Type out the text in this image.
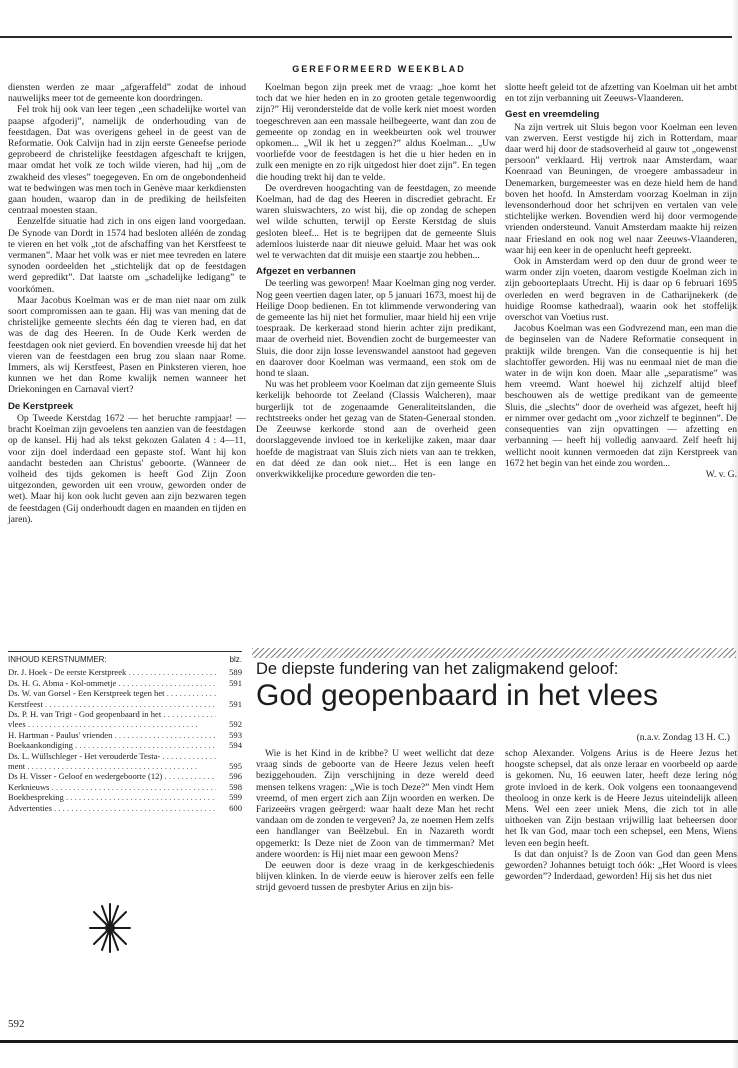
GEREFORMEERD WEEKBLAD

dienstеn werden ze maar „afgeraffeld” zodat de inhoud nauwelijks meer tot de gemeente kon doordringen.

Fel trok hij ook van leer tegen „een schadelijke wortel van paapse afgoderij”, namelijk de onderhouding van de feestdagen. Dat was overigens geheel in de geest van de Reformatie. Ook Calvijn had in zijn eerste Geneefse periode geprobeerd de christelijke feestdagen afgeschaft te krijgen, maar omdat het volk ze toch wilde vieren, had hij „om de zwakheid des vleses” toegegeven. En om de ongebondenheid wat te bedwingen was men toch in Genève maar kerkdiensten gaan houden, waarop dan in de prediking de heilsfeiten centraal moesten staan.

Eenzelfde situatie had zich in ons eigen land voorgedaan. De Synode van Dordt in 1574 had besloten alléén de zondag te vieren en het volk „tot de afschaffing van het Kerstfeest te vermanen”. Maar het volk was er niet mee tevreden en latere synoden oordeelden het „stichtelijk dat op de feestdagen werd gepredikt”. Dat laatste om „schadelijke ledigang” te voorkómen.

Maar Jacobus Koelman was er de man niet naar om zulk soort compromissen aan te gaan. Hij was van mening dat de christelijke gemeente slechts één dag te vieren had, en dat was de dag des Heeren. In de Oude Kerk werden de feestdagen ook niet gevierd. En bovendien vreesde hij dat het vieren van de feestdagen een brug zou slaan naar Rome. Immers, als wij Kerstfeest, Pasen en Pinksteren vieren, hoe kunnen we het dan Rome kwalijk nemen wanneer het Driekoningen en Carnaval viert?

De Kerstpreek

Op Tweede Kerstdag 1672 — het beruchte rampjaar! — bracht Koelman zijn gevoelens ten aanzien van de feestdagen op de kansel. Hij had als tekst gekozen Galaten 4 : 4—11, voor zijn doel inderdaad een gepaste stof. Want hij kon aandacht besteden aan Christus' geboorte. (Wanneer de volheid des tijds gekomen is heeft God Zijn Zoon uitgezonden, geworden uit een vrouw, geworden onder de wet). Maar hij kon ook lucht geven aan zijn bezwaren tegen de feestdagen (Gij onderhoudt dagen en maanden en tijden en jaren).

Koelman begon zijn preek met de vraag: „hoe komt het toch dat we hier heden en in zo grooten getale tegenwoordig zijn?” Hij veronderstelde dat de volle kerk niet moest worden toegeschreven aan een massale heilbegeerte, want dan zou de gemeente op zondag en in weekbeurten ook wel trouwer opkomen... „Wil ik het u zeggen?” aldus Koelman... „Uw voorliefde voor de feestdagen is het die u hier heden en in zulk een menigte en zo rijk uitgedost hier doet zijn”. En tegen die houding trekt hij dan te velde.

De overdreven hoogachting van de feestdagen, zo meende Koelman, had de dag des Heeren in discrediet gebracht. Er waren sluiswachters, zo wist hij, die op zondag de schepen wel wilde schutten, terwijl op Eerste Kerstdag de sluis gesloten bleef... Het is te begrijpen dat de gemeente Sluis ademloos luisterde naar dit nieuwe geluid. Maar het was ook wel te verwachten dat dit muisje een staartje zou hebben...

Afgezet en verbannen

De teerling was geworpen! Maar Koelman ging nog verder. Nog geen veertien dagen later, op 5 januari 1673, moest hij de Heilige Doop bedienen. En tot klimmende verwondering van de gemeente las hij niet het formulier, maar hield hij een vrije toespraak. De kerkeraad stond hierin achter zijn predikant, maar de overheid niet. Bovendien zocht de burgemeester van Sluis, die door zijn losse levenswandel aanstoot had gegeven en daarover door Koelman was vermaand, een stok om de hond te slaan.

Nu was het probleem voor Koelman dat zijn gemeente Sluis kerkelijk behoorde tot Zeeland (Classis Walcheren), maar burgerlijk tot de zogenaamde Generaliteitslanden, die rechtstreeks onder het gezag van de Staten-Generaal stonden. De Zeeuwse kerkorde stond aan de overheid geen doorslaggevende invloed toe in kerkelijke zaken, maar daar hoefde de magistraat van Sluis zich niets van aan te trekken, en dat déed ze dan ook niet... Het is een lange en onverkwikkelijke procedure geworden die ten-

slotte heeft geleid tot de afzetting van Koelman uit het ambt en tot zijn verbanning uit Zeeuws-Vlaanderen.

Gest en vreemdeling

Na zijn vertrek uit Sluis begon voor Koelman een leven van zwerven. Eerst vestigde hij zich in Rotterdam, maar daar werd hij door de stadsoverheid al gauw tot „ongewenst persoon” verklaard. Hij vertrok naar Amsterdam, waar Koenraad van Beuningen, de vroegere ambassadeur in Denemarken, burgemeester was en deze hield hem de hand boven het hoofd. In Amsterdam voorzag Koelman in zijn levensonderhoud door het schrijven en vertalen van vele stichtelijke werken. Bovendien werd hij door vermogende vrienden ondersteund. Vanuit Amsterdam maakte hij reizen naar Friesland en ook nog wel naar Zeeuws-Vlaanderen, waar hij een keer in de openlucht heeft gepreekt.

Ook in Amsterdam werd op den duur de grond weer te warm onder zijn voeten, daarom vestigde Koelman zich in zijn geboorteplaats Utrecht. Hij is daar op 6 februari 1695 overleden en werd begraven in de Catharijnekerk (de huidige Roomse kathedraal), waarin ook het stoffelijk overschot van Voetius rust.

Jacobus Koelman was een Godvrezend man, een man die de beginselen van de Nadere Reformatie consequent in praktijk wilde brengen. Van die consequentie is hij het slachtoffer geworden. Hij was nu eenmaal niet de man die water in de wijn kon doen. Maar alle „separatisme” was hem vreemd. Want hoewel hij zichzelf altijd bleef beschouwen als de wettige predikant van de gemeente Sluis, die „slechts” door de overheid was afgezet, heeft hij er nimmer over gedacht om „voor zichzelf te beginnen”. De consequenties van zijn opvattingen — afzetting en verbanning — heeft hij volledig aanvaard. Zelf heeft hij wellicht nooit kunnen vermoeden dat zijn Kerstpreek van 1672 het begin van het einde zou worden...

W. v. G.

INHOUD KERSTNUMMER:	blz.
Dr. J. Hoek - De eerste Kerstpreek . . .	589
Ds. H. G. Abma - Kol-ommetje . . .	591
Ds. W. van Gorsel - Een Kerstpreek tegen het . . .
Kerstfeest . . .	591
Ds. P. H. van Trigt - God geopenbaard in het . . .
vlees . . .	592
H. Hartman - Paulus' vrienden . . .	593
Boekaankondiging . . .	594
Ds. L. Wüllschleger - Het verouderde Testa- . . .
ment . . .	595
Ds H. Visser - Geloof en wedergeboorte (12) . . .	596
Kerknieuws . . .	598
Boekbespreking . . .	599
Advertenties . . .	600
De diepste fundering van het zaligmakend geloof:
God geopenbaard in het vlees
(n.a.v. Zondag 13 H. C.)

Wie is het Kind in de kribbe? U weet wellicht dat deze vraag sinds de geboorte van de Heere Jezus velen heeft beziggehouden. Zijn verschijning in deze wereld deed mensen telkens vragen: „Wie is toch Deze?” Men vindt Hem vreemd, of men ergert zich aan Zijn woorden en werken. De Farizeeërs vragen geërgerd: waar haalt deze Man het recht vandaan om de zonden te vergeven? Ja, ze noemen Hem zelfs een handlanger van Beëlzebul. En in Nazareth wordt opgemerkt: Is Deze niet de Zoon van de timmerman? Met andere woorden: is Hij niet maar een gewoon Mens?

De eeuwen door is deze vraag in de kerkgeschiedenis blijven klinken. In de vierde eeuw is hierover zelfs een felle strijd gevoerd tussen de presbyter Arius en zijn bis-

schop Alexander. Volgens Arius is de Heere Jezus het hoogste schepsel, dat als onze leraar en voorbeeld op aarde is gekomen. Nu, 16 eeuwen later, heeft deze lering nóg grote invloed in de kerk. Ook volgens een toonaangevend theoloog in onze kerk is de Heere Jezus uiteindelijk alleen Mens. Wel een zeer uniek Mens, die zich tot in alle uithoeken van Zijn bestaan vrijwillig laat beheersen door het Ik van God, maar toch een schepsel, een Mens, Wiens leven een begin heeft.

Is dat dan onjuist? Is de Zoon van God dan geen Mens geworden? Johannes betuigt toch óók: „Het Woord is vlees geworden”? Inderdaad, geworden! Hij sis het dus niet

592
